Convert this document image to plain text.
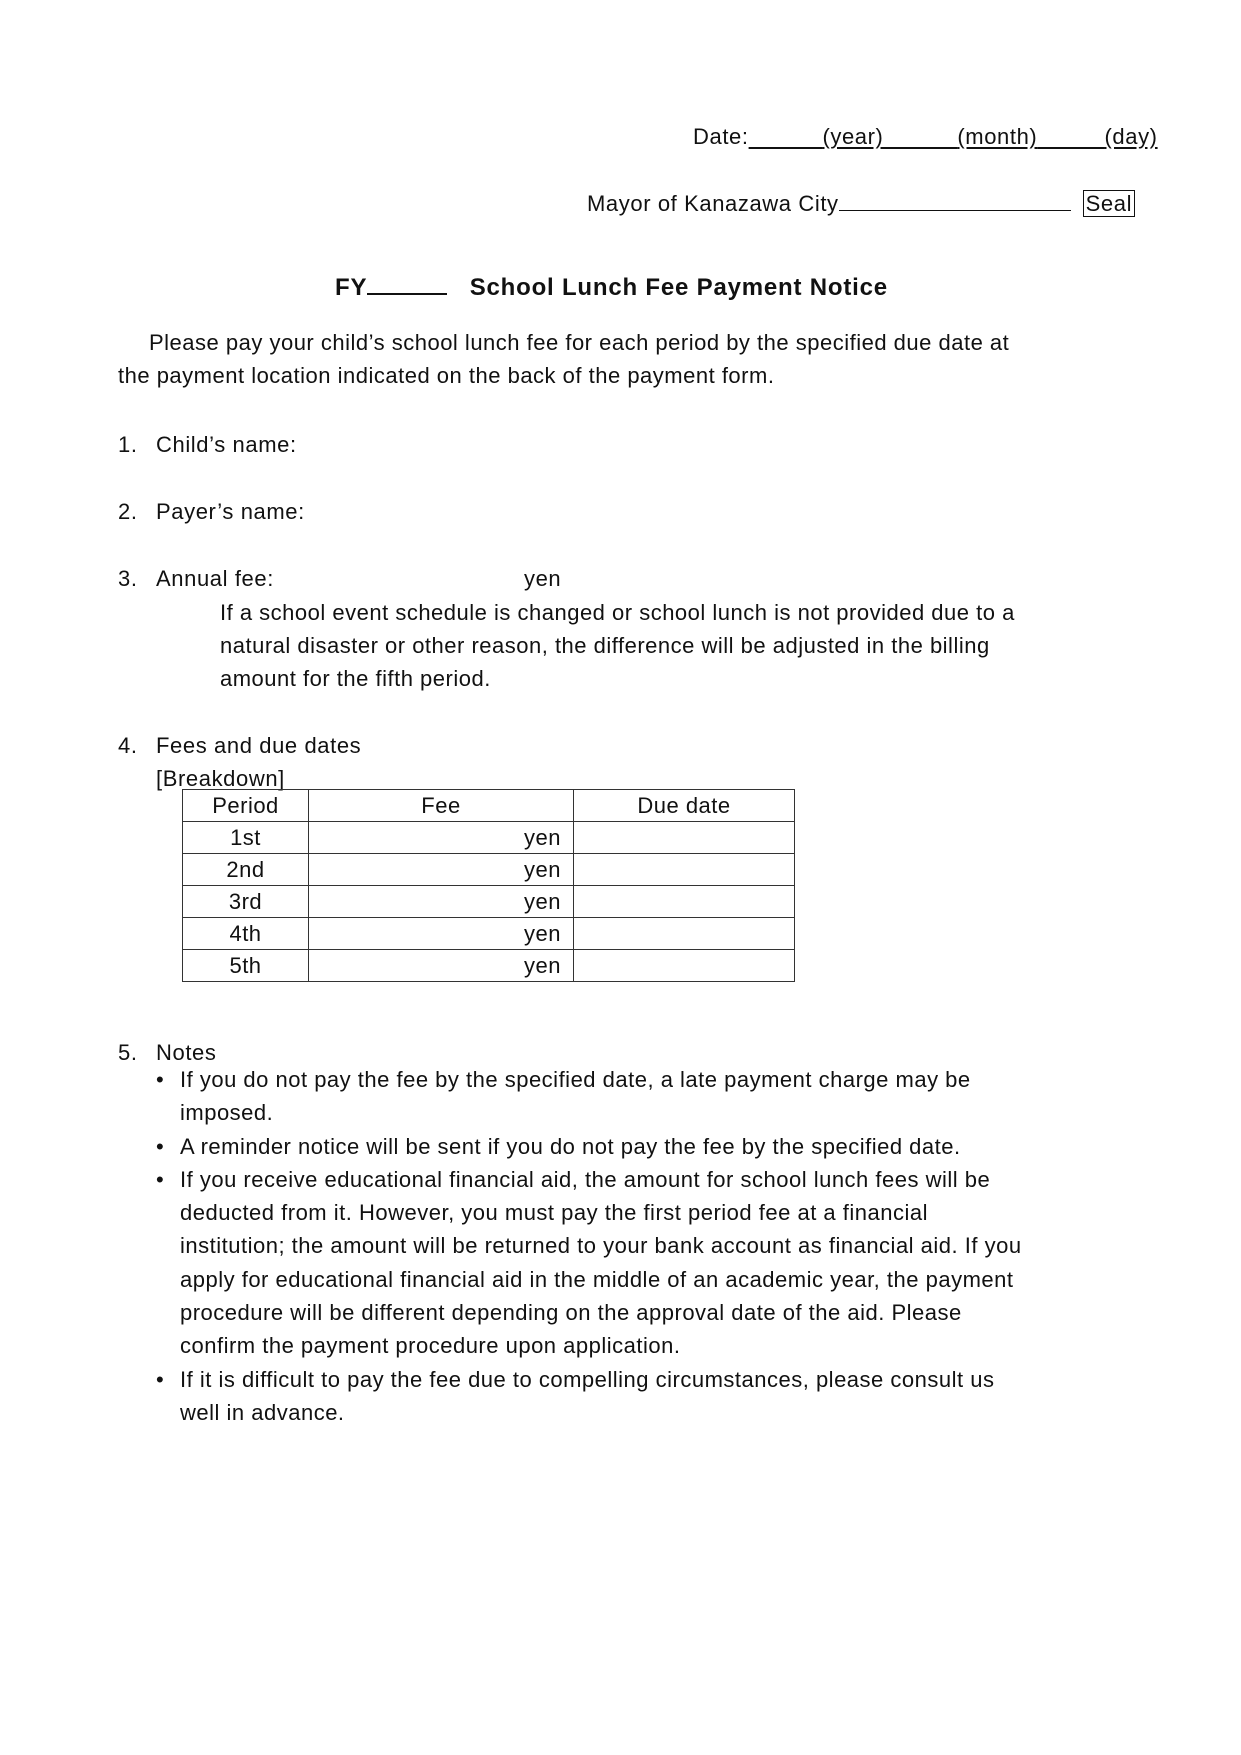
Date:	(year)	(month)	(day)
Mayor of Kanazawa City	Seal
FY	School Lunch Fee Payment Notice
Please pay your child’s school lunch fee for each period by the specified due date at
the payment location indicated on the back of the payment form.
1. Child’s name:
2. Payer’s name:
3. Annual fee:	yen
If a school event schedule is changed or school lunch is not provided due to a
natural disaster or other reason, the difference will be adjusted in the billing
amount for the fifth period.
4. Fees and due dates
[Breakdown]
Period	Fee	Due date
1st	yen	
2nd	yen	
3rd	yen	
4th	yen	
5th	yen	
5. Notes
• If you do not pay the fee by the specified date, a late payment charge may be
imposed.
• A reminder notice will be sent if you do not pay the fee by the specified date.
• If you receive educational financial aid, the amount for school lunch fees will be
deducted from it. However, you must pay the first period fee at a financial
institution; the amount will be returned to your bank account as financial aid. If you
apply for educational financial aid in the middle of an academic year, the payment
procedure will be different depending on the approval date of the aid. Please
confirm the payment procedure upon application.
• If it is difficult to pay the fee due to compelling circumstances, please consult us
well in advance.
